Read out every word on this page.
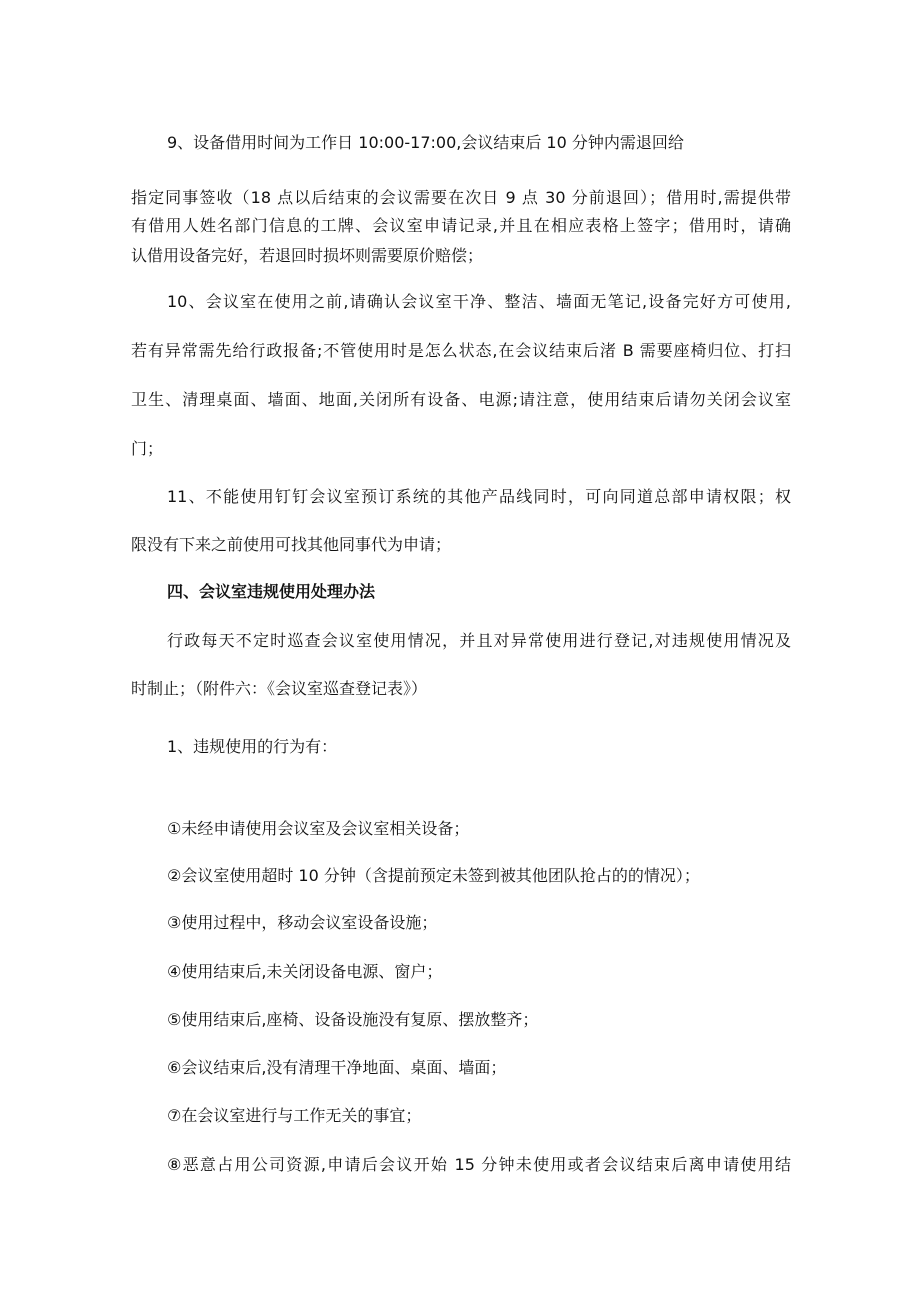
9、设备借用时间为工作日 10:00-17:00,会议结束后 10 分钟内需退回给
指定同事签收（18 点以后结束的会议需要在次日 9 点 30 分前退回）；借用时,需提供带
有借用人姓名部门信息的工牌、会议室申请记录,并且在相应表格上签字；借用时，请确
认借用设备完好，若退回时损坏则需要原价赔偿；
10、会议室在使用之前,请确认会议室干净、整洁、墙面无笔记,设备完好方可使用,
若有异常需先给行政报备;不管使用时是怎么状态,在会议结束后渚 B 需要座椅归位、打扫
卫生、清理桌面、墙面、地面,关闭所有设备、电源;请注意，使用结束后请勿关闭会议室
门；
11、不能使用钉钉会议室预订系统的其他产品线同时，可向同道总部申请权限；权
限没有下来之前使用可找其他同事代为申请；
四、会议室违规使用处理办法
行政每天不定时巡查会议室使用情况，并且对异常使用进行登记,对违规使用情况及
时制止；（附件六：《会议室巡查登记表》）
1、违规使用的行为有：
①未经申请使用会议室及会议室相关设备；
②会议室使用超时 10 分钟（含提前预定未签到被其他团队抢占的的情况）；
③使用过程中，移动会议室设备设施；
④使用结束后,未关闭设备电源、窗户；
⑤使用结束后,座椅、设备设施没有复原、摆放整齐；
⑥会议结束后,没有清理干净地面、桌面、墙面；
⑦在会议室进行与工作无关的事宜；
⑧恶意占用公司资源,申请后会议开始 15 分钟未使用或者会议结束后离申请使用结
